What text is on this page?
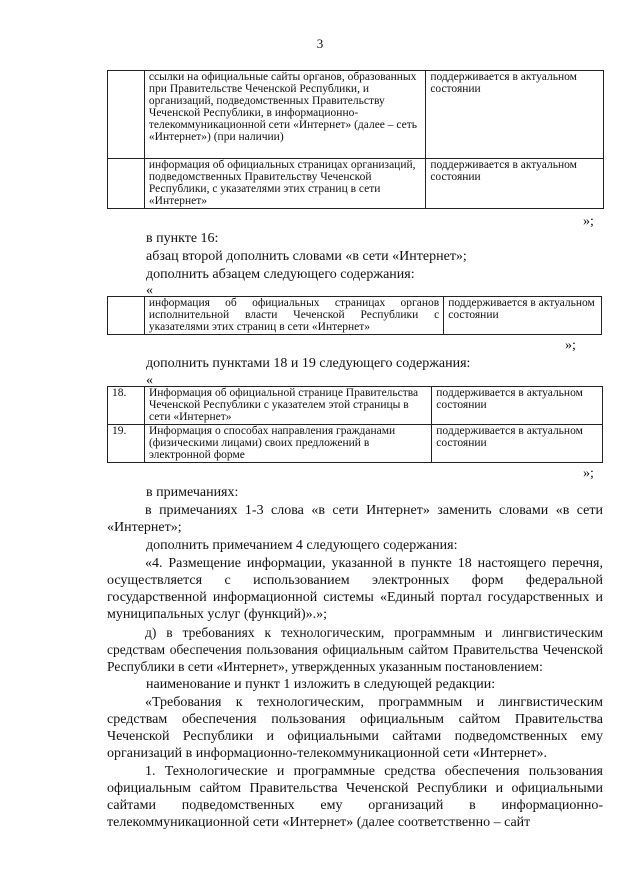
3
	ссылки на официальные сайты органов, образованных при Правительстве Чеченской Республики, и организаций, подведомственных Правительству Чеченской Республики, в информационно-телекоммуникационной сети «Интернет» (далее – сеть «Интернет») (при наличии)	поддерживается в актуальном состоянии
	информация об официальных страницах организаций, подведомственных Правительству Чеченской Республики, с указателями этих страниц в сети «Интернет»	поддерживается в актуальном состоянии
»;
в пункте 16:
абзац второй дополнить словами «в сети «Интернет»;
дополнить абзацем следующего содержания:
«
	информация об официальных страницах органов исполнительной власти Чеченской Республики с указателями этих страниц в сети «Интернет»	поддерживается в актуальном состоянии
»;
дополнить пунктами 18 и 19 следующего содержания:
«
18.	Информация об официальной странице Правительства Чеченской Республики с указателем этой страницы в сети «Интернет»	поддерживается в актуальном состоянии
19.	Информация о способах направления гражданами (физическими лицами) своих предложений в электронной форме	поддерживается в актуальном состоянии
»;
в примечаниях:
в примечаниях 1-3 слова «в сети Интернет» заменить словами «в сети «Интернет»;
дополнить примечанием 4 следующего содержания:
«4. Размещение информации, указанной в пункте 18 настоящего перечня, осуществляется с использованием электронных форм федеральной государственной информационной системы «Единый портал государственных и муниципальных услуг (функций)».»;
д) в требованиях к технологическим, программным и лингвистическим средствам обеспечения пользования официальным сайтом Правительства Чеченской Республики в сети «Интернет», утвержденных указанным постановлением:
наименование и пункт 1 изложить в следующей редакции:
«Требования к технологическим, программным и лингвистическим средствам обеспечения пользования официальным сайтом Правительства Чеченской Республики и официальными сайтами подведомственных ему организаций в информационно-телекоммуникационной сети «Интернет».
1. Технологические и программные средства обеспечения пользования официальным сайтом Правительства Чеченской Республики и официальными сайтами подведомственных ему организаций в информационно-телекоммуникационной сети «Интернет» (далее соответственно – сайт
